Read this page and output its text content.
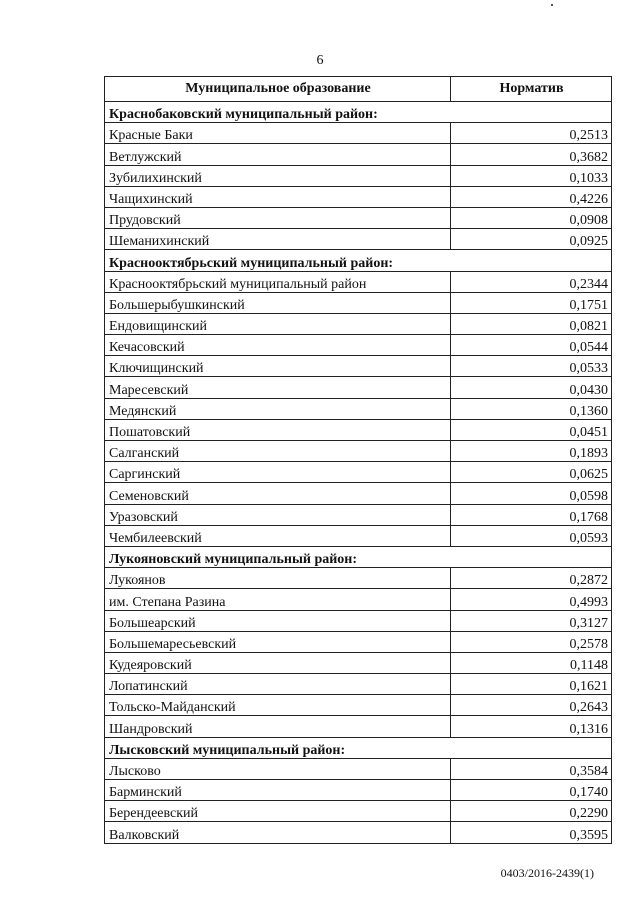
6
Муниципальное образование	Норматив
Краснобаковский муниципальный район:	
Красные Баки	0,2513
Ветлужский	0,3682
Зубилихинский	0,1033
Чащихинский	0,4226
Прудовский	0,0908
Шеманихинский	0,0925
Краснооктябрьский муниципальный район:	
Краснооктябрьский муниципальный район	0,2344
Большерыбушкинский	0,1751
Ендовищинский	0,0821
Кечасовский	0,0544
Ключищинский	0,0533
Маресевский	0,0430
Медянский	0,1360
Пошатовский	0,0451
Салганский	0,1893
Саргинский	0,0625
Семеновский	0,0598
Уразовский	0,1768
Чембилеевский	0,0593
Лукояновский муниципальный район:	
Лукоянов	0,2872
им. Степана Разина	0,4993
Большеарский	0,3127
Большемаресьевский	0,2578
Кудеяровский	0,1148
Лопатинский	0,1621
Тольско-Майданский	0,2643
Шандровский	0,1316
Лысковский муниципальный район:	
Лысково	0,3584
Барминский	0,1740
Берендеевский	0,2290
Валковский	0,3595
0403/2016-2439(1)
